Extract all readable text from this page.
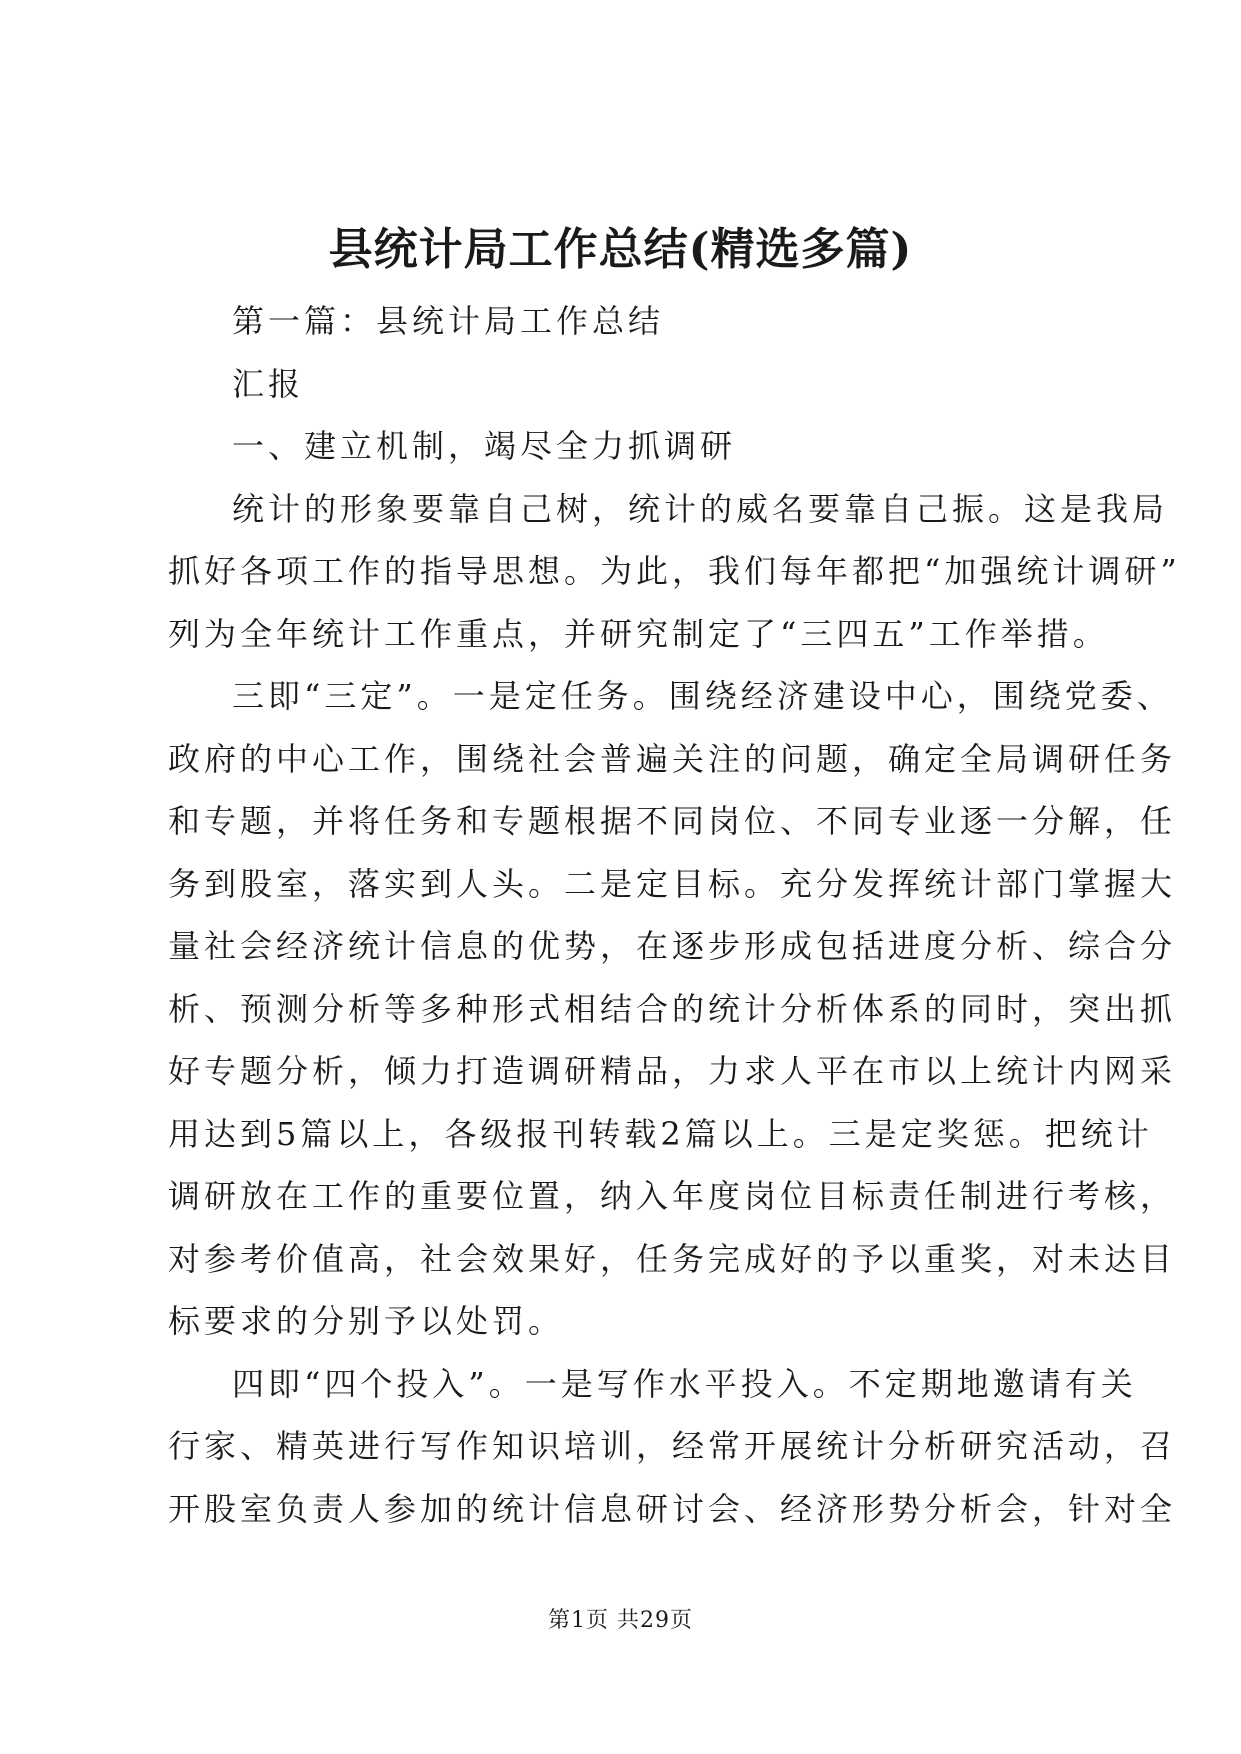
县统计局工作总结(精选多篇)
第一篇：县统计局工作总结
汇报
一、建立机制，竭尽全力抓调研
统计的形象要靠自己树，统计的威名要靠自己振。这是我局
抓好各项工作的指导思想。为此，我们每年都把“加强统计调研”
列为全年统计工作重点，并研究制定了“三四五”工作举措。
三即“三定”。一是定任务。围绕经济建设中心，围绕党委、
政府的中心工作，围绕社会普遍关注的问题，确定全局调研任务
和专题，并将任务和专题根据不同岗位、不同专业逐一分解，任
务到股室，落实到人头。二是定目标。充分发挥统计部门掌握大
量社会经济统计信息的优势，在逐步形成包括进度分析、综合分
析、预测分析等多种形式相结合的统计分析体系的同时，突出抓
好专题分析，倾力打造调研精品，力求人平在市以上统计内网采
用达到5篇以上，各级报刊转载2篇以上。三是定奖惩。把统计
调研放在工作的重要位置，纳入年度岗位目标责任制进行考核，
对参考价值高，社会效果好，任务完成好的予以重奖，对未达目
标要求的分别予以处罚。
四即“四个投入”。一是写作水平投入。不定期地邀请有关
行家、精英进行写作知识培训，经常开展统计分析研究活动，召
开股室负责人参加的统计信息研讨会、经济形势分析会，针对全
第1页 共29页
